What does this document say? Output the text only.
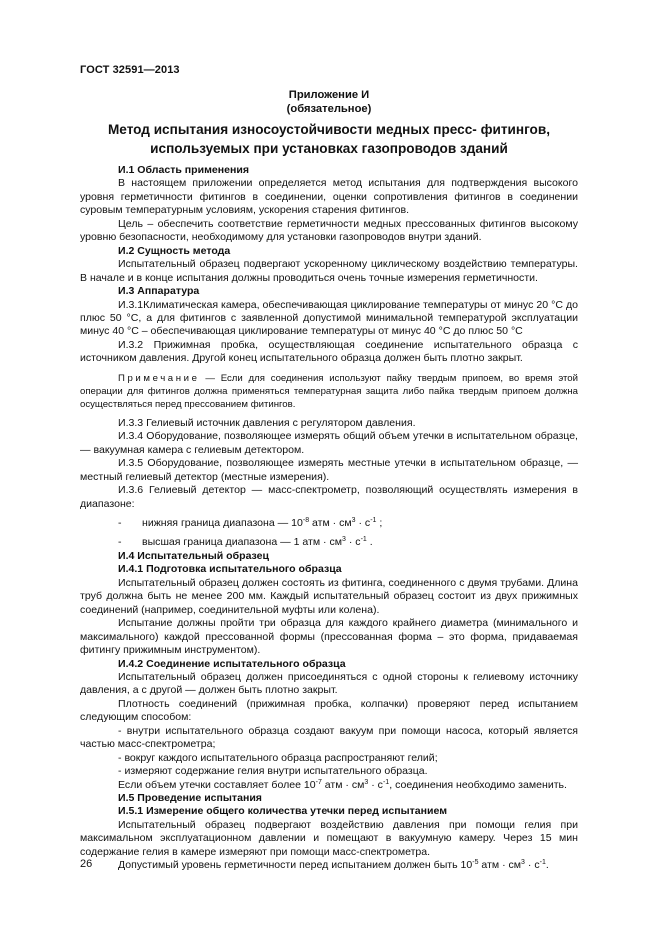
ГОСТ 32591—2013
Приложение И
(обязательное)
Метод испытания износоустойчивости медных пресс- фитингов,
используемых при установках газопроводов зданий

И.1 Область применения

В настоящем приложении определяется метод испытания для подтверждения высокого уровня герметичности фитингов в соединении, оценки сопротивления фитингов в соединении суровым температурным условиям, ускорения старения фитингов.

Цель – обеспечить соответствие герметичности медных прессованных фитингов высокому уровню безопасности, необходимому для установки газопроводов внутри зданий.

И.2 Сущность метода

Испытательный образец подвергают ускоренному циклическому воздействию температуры. В начале и в конце испытания должны проводиться очень точные измерения герметичности.

И.3 Аппаратура

И.3.1Климатическая камера, обеспечивающая циклирование температуры от минус 20 °С до плюс 50 °С, а для фитингов с заявленной допустимой минимальной температурой эксплуатации минус 40 °С – обеспечивающая циклирование температуры от минус 40 °С до плюс 50 °С

И.3.2 Прижимная пробка, осуществляющая соединение испытательного образца с источником давления. Другой конец испытательного образца должен быть плотно закрыт.

Примечание — Если для соединения используют пайку твердым припоем, во время этой операции для фитингов должна применяться температурная защита либо пайка твердым припоем должна осуществляться перед прессованием фитингов.

И.3.3 Гелиевый источник давления с регулятором давления.

И.3.4 Оборудование, позволяющее измерять общий объем утечки в испытательном образце, — вакуумная камера с гелиевым детектором.

И.3.5 Оборудование, позволяющее измерять местные утечки в испытательном образце, — местный гелиевый детектор (местные измерения).

И.3.6 Гелиевый детектор — масс-спектрометр, позволяющий осуществлять измерения в диапазоне:

- нижняя граница диапазона — $10^{-8}$ атм · $см^3 \cdot с^{-1}$ ;

- высшая граница диапазона — 1 атм · $см^3 \cdot с^{-1}$ .

И.4 Испытательный образец

И.4.1 Подготовка испытательного образца

Испытательный образец должен состоять из фитинга, соединенного с двумя трубами. Длина труб должна быть не менее 200 мм. Каждый испытательный образец состоит из двух прижимных соединений (например, соединительной муфты или колена).

Испытание должны пройти три образца для каждого крайнего диаметра (минимального и максимального) каждой прессованной формы (прессованная форма – это форма, придаваемая фитингу прижимным инструментом).

И.4.2 Соединение испытательного образца

Испытательный образец должен присоединяться с одной стороны к гелиевому источнику давления, а с другой — должен быть плотно закрыт.

Плотность соединений (прижимная пробка, колпачки) проверяют перед испытанием следующим способом:

- внутри испытательного образца создают вакуум при помощи насоса, который является частью масс-спектрометра;

- вокруг каждого испытательного образца распространяют гелий;

- измеряют содержание гелия внутри испытательного образца.

Если объем утечки составляет более $10^{-7}$ атм · $см^3 \cdot с^{-1}$, соединения необходимо заменить.

И.5 Проведение испытания

И.5.1 Измерение общего количества утечки перед испытанием

Испытательный образец подвергают воздействию давления при помощи гелия при максимальном эксплуатационном давлении и помещают в вакуумную камеру. Через 15 мин содержание гелия в камере измеряют при помощи масс-спектрометра.

Допустимый уровень герметичности перед испытанием должен быть $10^{-5}$ атм · $см^3 \cdot с^{-1}$.

26
